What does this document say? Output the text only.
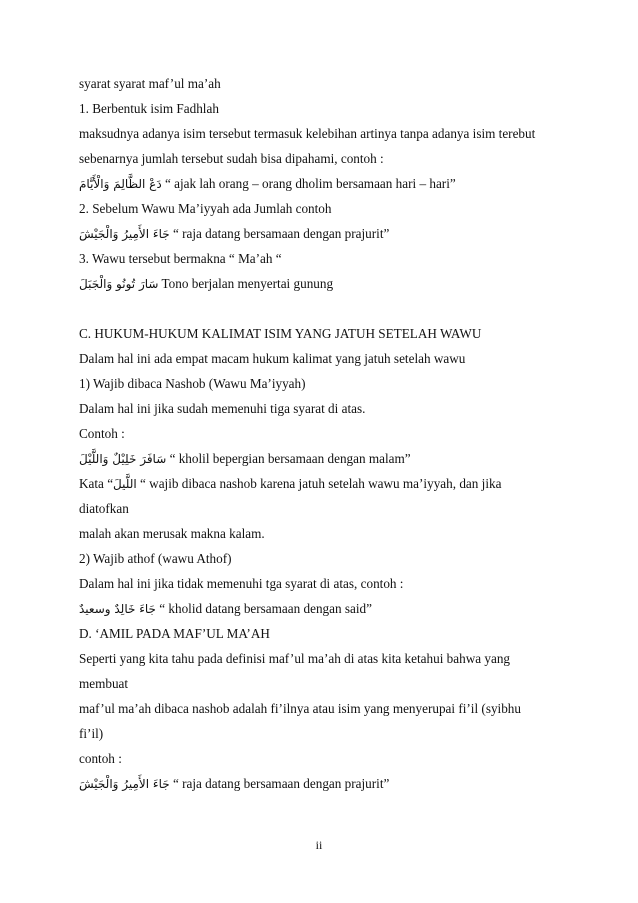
syarat syarat maf’ul ma’ah
1. Berbentuk isim Fadhlah
maksudnya adanya isim tersebut termasuk kelebihan artinya tanpa adanya isim terebut
sebenarnya jumlah tersebut sudah bisa dipahami, contoh :
دَعْ الظَّالِمَ وَالْأَيَّامَ “ ajak lah orang – orang dholim bersamaan hari – hari”
2. Sebelum Wawu Ma’iyyah ada Jumlah contoh
جَاءَ الأَمِيرُ وَالْجَيْشَ “ raja datang bersamaan dengan prajurit”
3. Wawu tersebut bermakna “ Ma’ah “
سَارَ تُونُو وَالْجَبَلَ Tono berjalan menyertai gunung
C. HUKUM-HUKUM KALIMAT ISIM YANG JATUH SETELAH WAWU
Dalam hal ini ada empat macam hukum kalimat yang jatuh setelah wawu
1) Wajib dibaca Nashob (Wawu Ma’iyyah)
Dalam hal ini jika sudah memenuhi tiga syarat di atas.
Contoh :
سَافَرَ خَلِيْلٌ وَاللَّيْلَ “ kholil bepergian bersamaan dengan malam”
Kata “اللَّيلَ “ wajib dibaca nashob karena jatuh setelah wawu ma’iyyah, dan jika
diatofkan
malah akan merusak makna kalam.
2) Wajib athof (wawu Athof)
Dalam hal ini jika tidak memenuhi tga syarat di atas, contoh :
جَاءَ خَالِدٌ وسعيدٌ “ kholid datang bersamaan dengan said”
D. ‘AMIL PADA MAF’UL MA’AH
Seperti yang kita tahu pada definisi maf’ul ma’ah di atas kita ketahui bahwa yang
membuat
maf’ul ma’ah dibaca nashob adalah fi’ilnya atau isim yang menyerupai fi’il (syibhu
fi’il)
contoh :
جَاءَ الأَمِيرُ وَالْجَيْشَ “ raja datang bersamaan dengan prajurit”
ii
